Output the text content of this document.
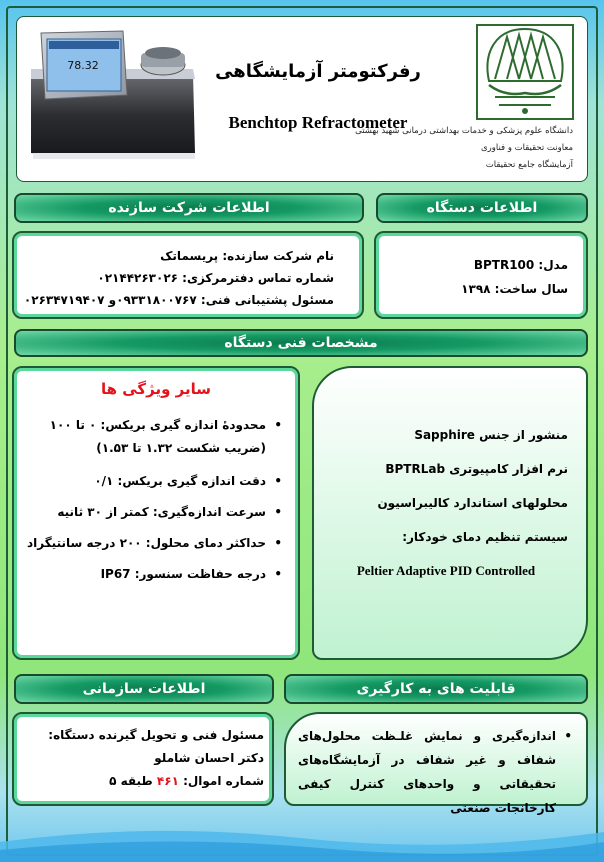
78.32	رفرکتومتر آزمایشگاهی
Benchtop Refractometer
دانشگاه علوم پزشکی و خدمات بهداشتی درمانی شهید بهشتی
معاونت تحقیقات و فناوری
آزمایشگاه جامع تحقیقات
اطلاعات شرکت سازنده	اطلاعات دستگاه
نام شرکت سازنده: پریسماتک
شماره تماس دفترمرکزی: ۰۲۱۴۴۲۶۳۰۲۶
مسئول پشتیبانی فنی: ۰۹۳۳۱۸۰۰۷۶۷و ۰۲۶۳۴۷۱۹۴۰۷
مدل: BPTR100
سال ساخت: ۱۳۹۸
مشخصات فنی دستگاه
سایر ویژگی ها
•
محدودهٔ اندازه گیری بریکس: ۰ تا ۱۰۰ (ضریب شکست ۱.۳۲ تا ۱.۵۳)
•
دقت اندازه گیری بریکس: ۰/۱
•
سرعت اندازه‌گیری: کمتر از ۳۰ ثانیه
•
حداکثر دمای محلول: ۲۰۰ درجه سانتیگراد
•
درجه حفاظت سنسور: IP67
منشور از جنس Sapphire
نرم افزار کامپیوتری BPTRLab
محلولهای استاندارد کالیبراسیون
سیستم تنظیم دمای خودکار:
Peltier Adaptive PID Controlled
اطلاعات سازمانی	قابلیت های به کارگیری
مسئول فنی و تحویل گیرنده دستگاه:
دکتر احسان شاملو
شماره اموال: ۴۶۱ طبقه ۵
•
اندازه‌گیری و نمایش غلـظت محلول‌های شفاف و غیر شفاف در آزمایشگاه‌های تحقیقاتی و واحدهای کنترل کیفی کارخانجات صنعتی
